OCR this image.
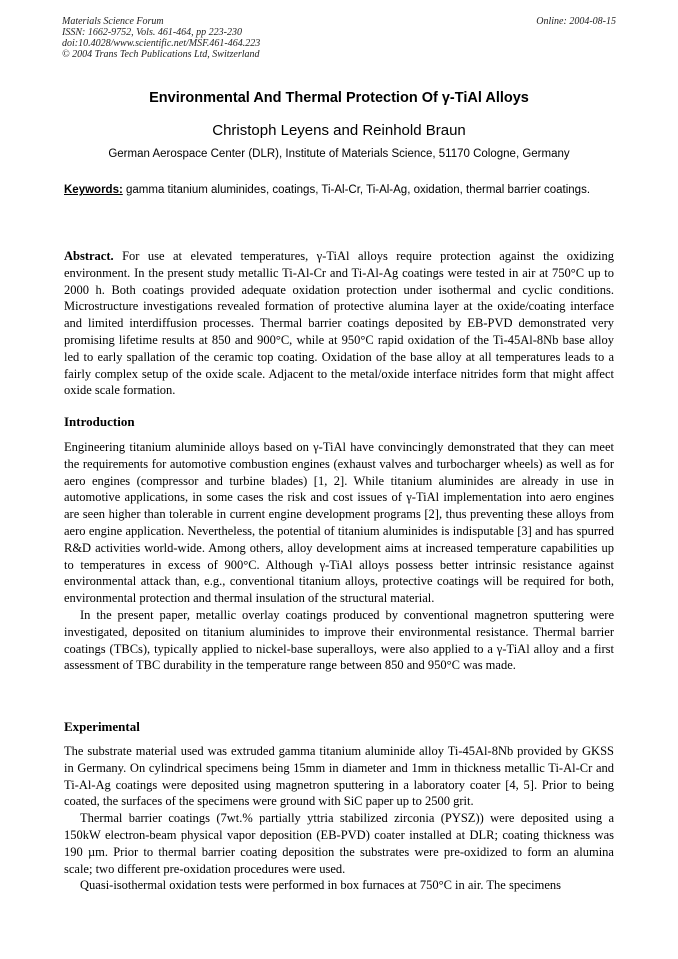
Materials Science Forum
ISSN: 1662-9752, Vols. 461-464, pp 223-230
doi:10.4028/www.scientific.net/MSF.461-464.223
© 2004 Trans Tech Publications Ltd, Switzerland
Online: 2004-08-15
Environmental And Thermal Protection Of γ-TiAl Alloys
Christoph Leyens and Reinhold Braun
German Aerospace Center (DLR), Institute of Materials Science, 51170 Cologne, Germany
Keywords: gamma titanium aluminides, coatings, Ti-Al-Cr, Ti-Al-Ag, oxidation, thermal barrier coatings.
Abstract. For use at elevated temperatures, γ-TiAl alloys require protection against the oxidizing environment. In the present study metallic Ti-Al-Cr and Ti-Al-Ag coatings were tested in air at 750°C up to 2000 h. Both coatings provided adequate oxidation protection under isothermal and cyclic conditions. Microstructure investigations revealed formation of protective alumina layer at the oxide/coating interface and limited interdiffusion processes. Thermal barrier coatings deposited by EB-PVD demonstrated very promising lifetime results at 850 and 900°C, while at 950°C rapid oxidation of the Ti-45Al-8Nb base alloy led to early spallation of the ceramic top coating. Oxidation of the base alloy at all temperatures leads to a fairly complex setup of the oxide scale. Adjacent to the metal/oxide interface nitrides form that might affect oxide scale formation.
Introduction

Engineering titanium aluminide alloys based on γ-TiAl have convincingly demonstrated that they can meet the requirements for automotive combustion engines (exhaust valves and turbocharger wheels) as well as for aero engines (compressor and turbine blades) [1, 2]. While titanium aluminides are already in use in automotive applications, in some cases the risk and cost issues of γ-TiAl implementation into aero engines are seen higher than tolerable in current engine development programs [2], thus preventing these alloys from aero engine application. Nevertheless, the potential of titanium aluminides is indisputable [3] and has spurred R&D activities world-wide. Among others, alloy development aims at increased temperature capabilities up to temperatures in excess of 900°C. Although γ-TiAl alloys possess better intrinsic resistance against environmental attack than, e.g., conventional titanium alloys, protective coatings will be required for both, environmental protection and thermal insulation of the structural material.

In the present paper, metallic overlay coatings produced by conventional magnetron sputtering were investigated, deposited on titanium aluminides to improve their environmental resistance. Thermal barrier coatings (TBCs), typically applied to nickel-base superalloys, were also applied to a γ-TiAl alloy and a first assessment of TBC durability in the temperature range between 850 and 950°C was made.

Experimental

The substrate material used was extruded gamma titanium aluminide alloy Ti-45Al-8Nb provided by GKSS in Germany. On cylindrical specimens being 15mm in diameter and 1mm in thickness metallic Ti-Al-Cr and Ti-Al-Ag coatings were deposited using magnetron sputtering in a laboratory coater [4, 5]. Prior to being coated, the surfaces of the specimens were ground with SiC paper up to 2500 grit.

Thermal barrier coatings (7wt.% partially yttria stabilized zirconia (PYSZ)) were deposited using a 150kW electron-beam physical vapor deposition (EB-PVD) coater installed at DLR; coating thickness was 190 µm. Prior to thermal barrier coating deposition the substrates were pre-oxidized to form an alumina scale; two different pre-oxidation procedures were used.

Quasi-isothermal oxidation tests were performed in box furnaces at 750°C in air. The specimens
